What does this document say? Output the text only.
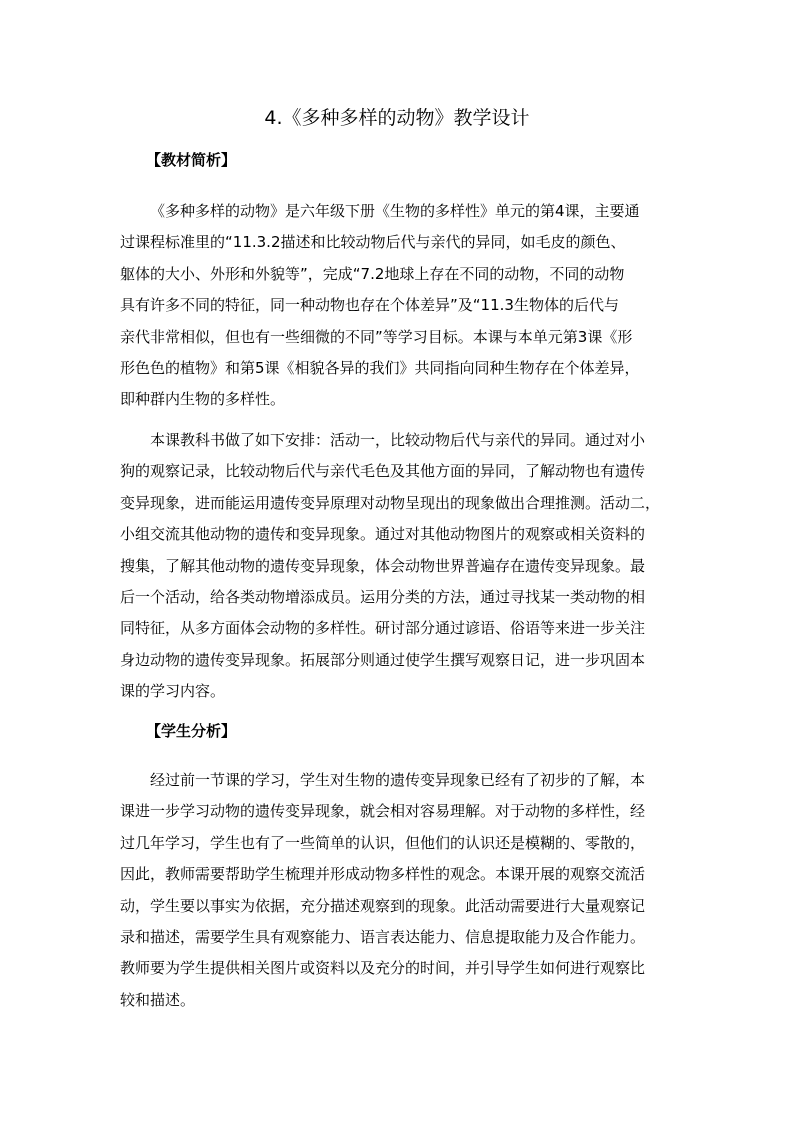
4.《多种多样的动物》教学设计
【教材简析】
《多种多样的动物》是六年级下册《生物的多样性》单元的第4课，主要通
过课程标准里的“11.3.2描述和比较动物后代与亲代的异同，如毛皮的颜色、
躯体的大小、外形和外貌等”，完成“7.2地球上存在不同的动物，不同的动物
具有许多不同的特征，同一种动物也存在个体差异”及“11.3生物体的后代与
亲代非常相似，但也有一些细微的不同”等学习目标。本课与本单元第3课《形
形色色的植物》和第5课《相貌各异的我们》共同指向同种生物存在个体差异，
即种群内生物的多样性。
本课教科书做了如下安排：活动一，比较动物后代与亲代的异同。通过对小
狗的观察记录，比较动物后代与亲代毛色及其他方面的异同，了解动物也有遗传
变异现象，进而能运用遗传变异原理对动物呈现出的现象做出合理推测。活动二，
小组交流其他动物的遗传和变异现象。通过对其他动物图片的观察或相关资料的
搜集，了解其他动物的遗传变异现象，体会动物世界普遍存在遗传变异现象。最
后一个活动，给各类动物增添成员。运用分类的方法，通过寻找某一类动物的相
同特征，从多方面体会动物的多样性。研讨部分通过谚语、俗语等来进一步关注
身边动物的遗传变异现象。拓展部分则通过使学生撰写观察日记，进一步巩固本
课的学习内容。
【学生分析】
经过前一节课的学习，学生对生物的遗传变异现象已经有了初步的了解，本
课进一步学习动物的遗传变异现象，就会相对容易理解。对于动物的多样性，经
过几年学习，学生也有了一些简单的认识，但他们的认识还是模糊的、零散的，
因此，教师需要帮助学生梳理并形成动物多样性的观念。本课开展的观察交流活
动，学生要以事实为依据，充分描述观察到的现象。此活动需要进行大量观察记
录和描述，需要学生具有观察能力、语言表达能力、信息提取能力及合作能力。
教师要为学生提供相关图片或资料以及充分的时间，并引导学生如何进行观察比
较和描述。
